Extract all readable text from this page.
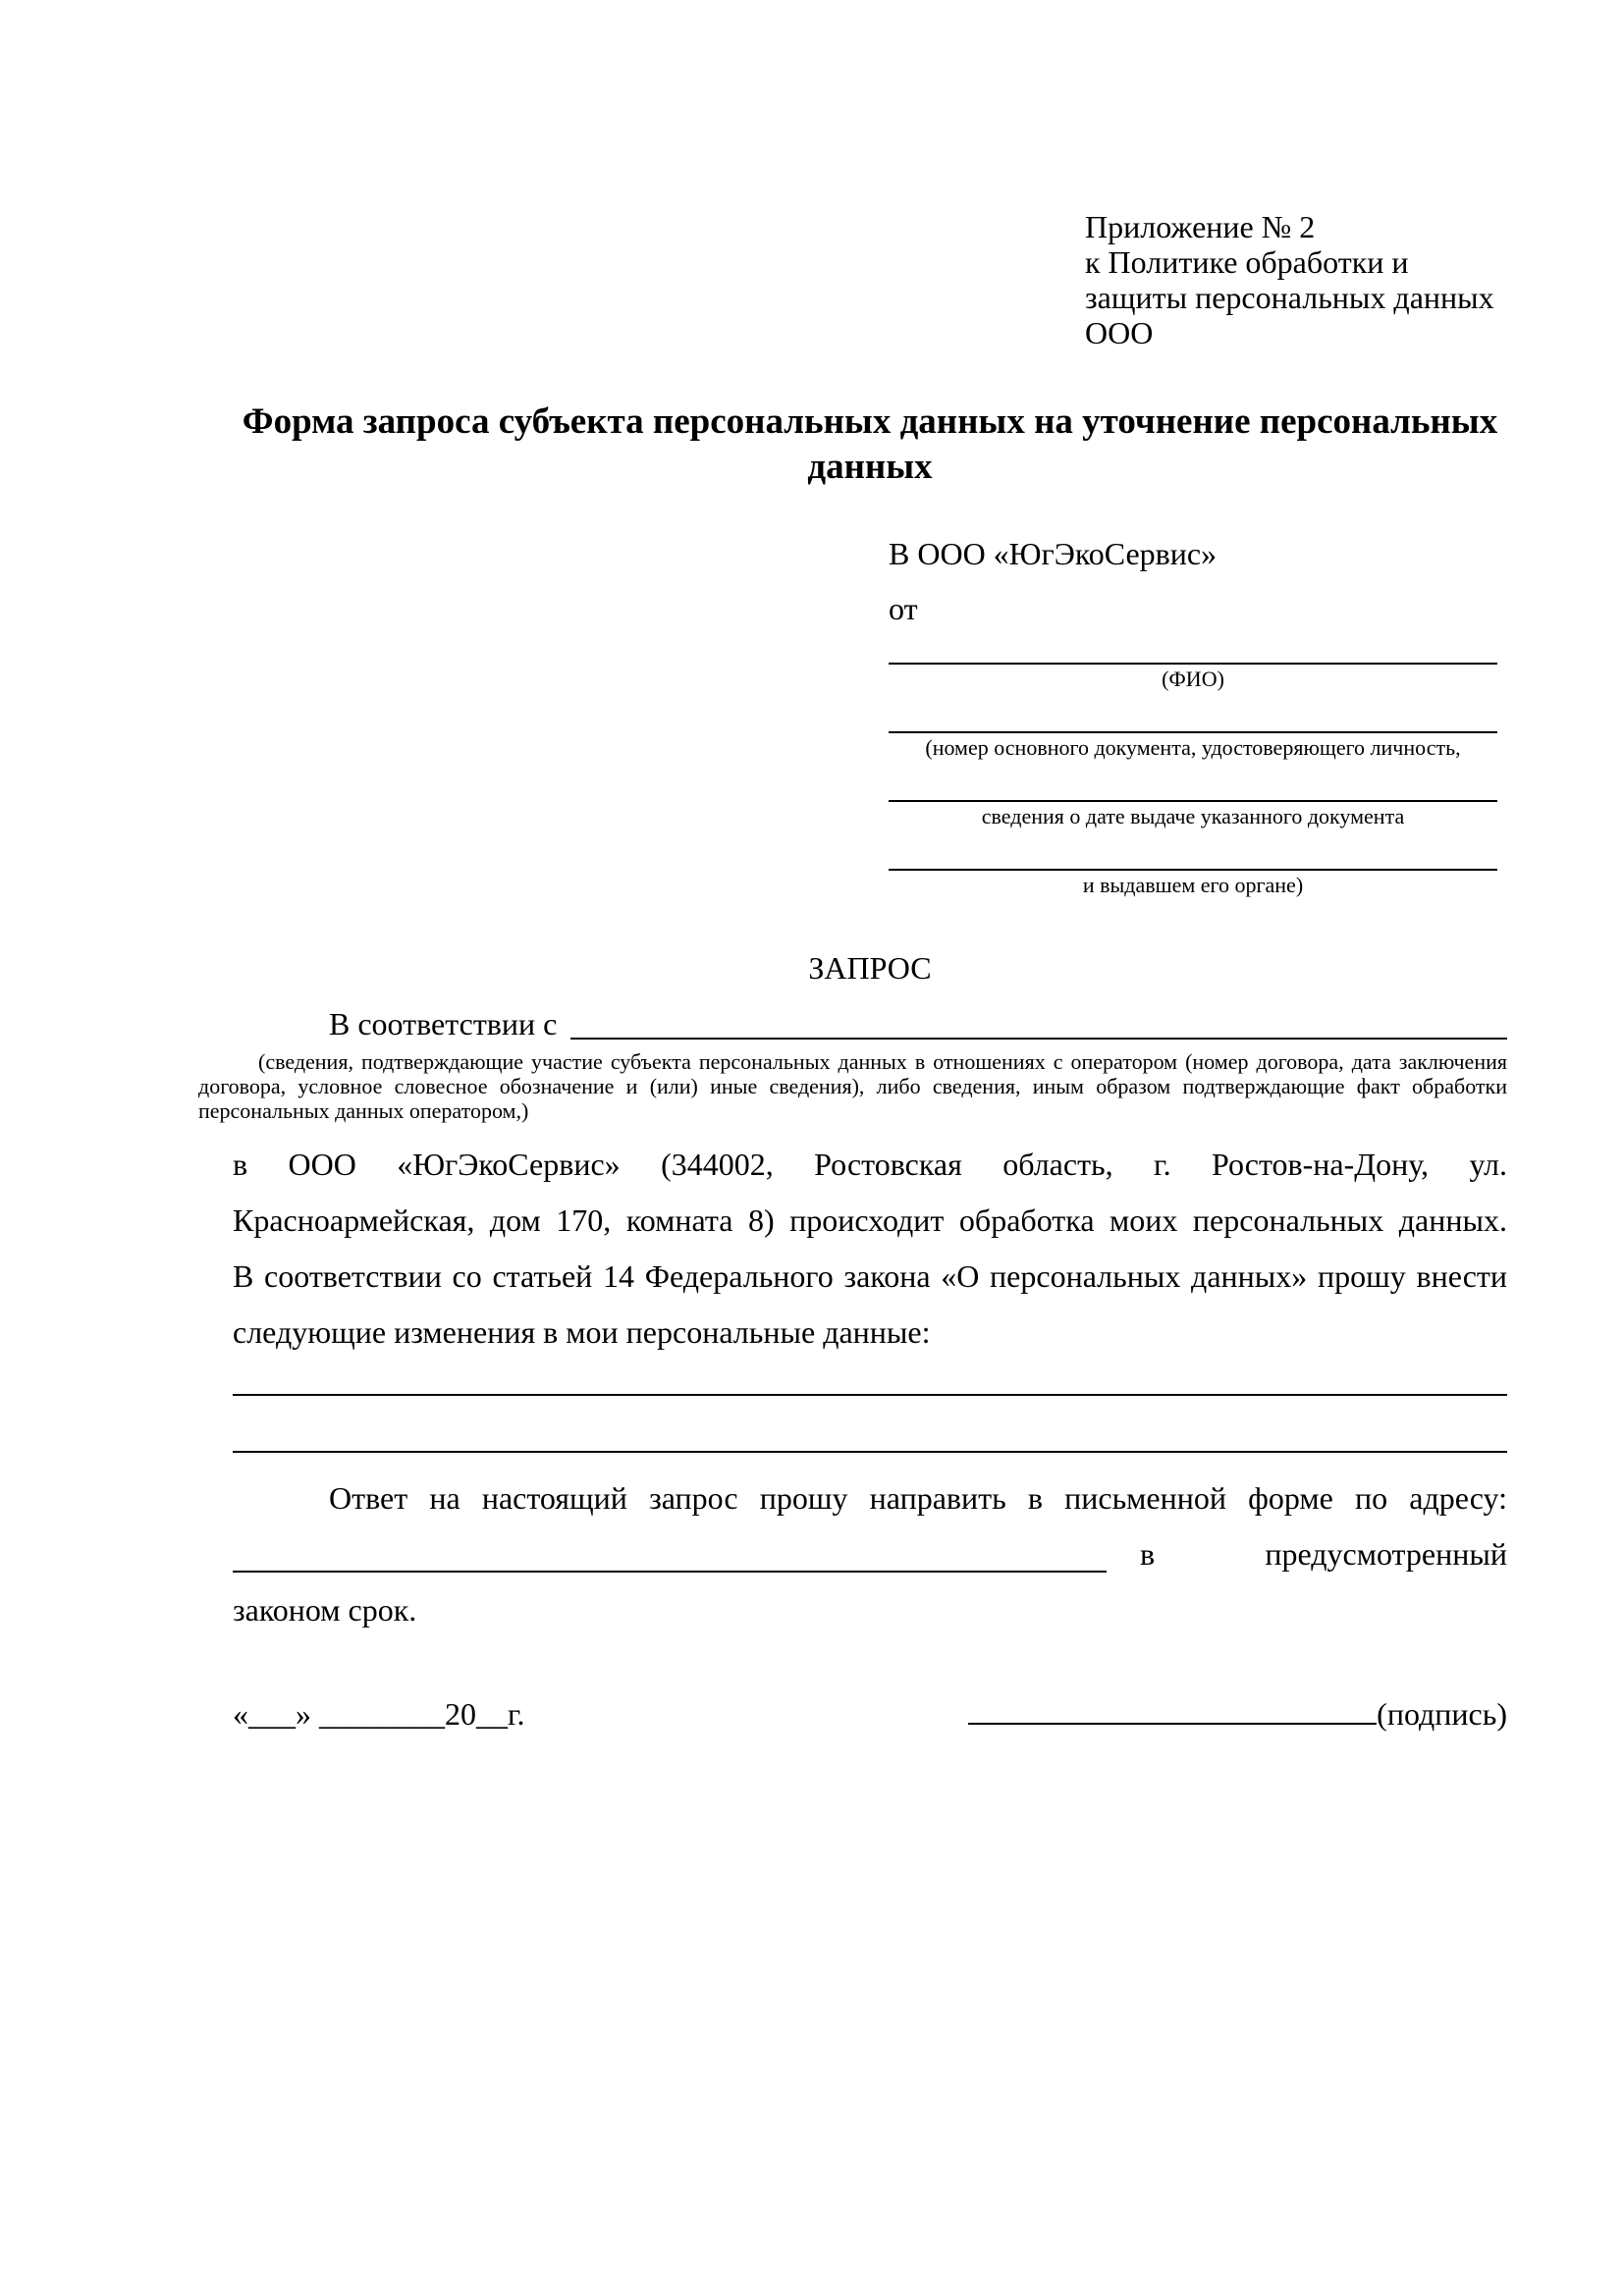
Приложение № 2
к Политике обработки и
защиты персональных данных
ООО
Форма запроса субъекта персональных данных на уточнение персональных данных
В ООО «ЮгЭкоСервис»
от
(ФИО)
(номер основного документа, удостоверяющего личность,
сведения о дате выдаче указанного документа
и выдавшем его органе)
ЗАПРОС
В соответствии с
(сведения, подтверждающие участие субъекта персональных данных в отношениях с оператором (номер договора, дата заключения договора, условное словесное обозначение и (или) иные сведения), либо сведения, иным образом подтверждающие факт обработки персональных данных оператором,)
в ООО «ЮгЭкоСервис» (344002, Ростовская область, г. Ростов-на-Дону, ул.
Красноармейская, дом 170, комната 8) происходит обработка моих персональных данных.
В соответствии со статьей 14 Федерального закона «О персональных данных» прошу внести
следующие изменения в мои персональные данные:
Ответ на настоящий запрос прошу направить в письменной форме по адресу:
в предусмотренный
законом срок.
«___» ________20__г.	(подпись)
